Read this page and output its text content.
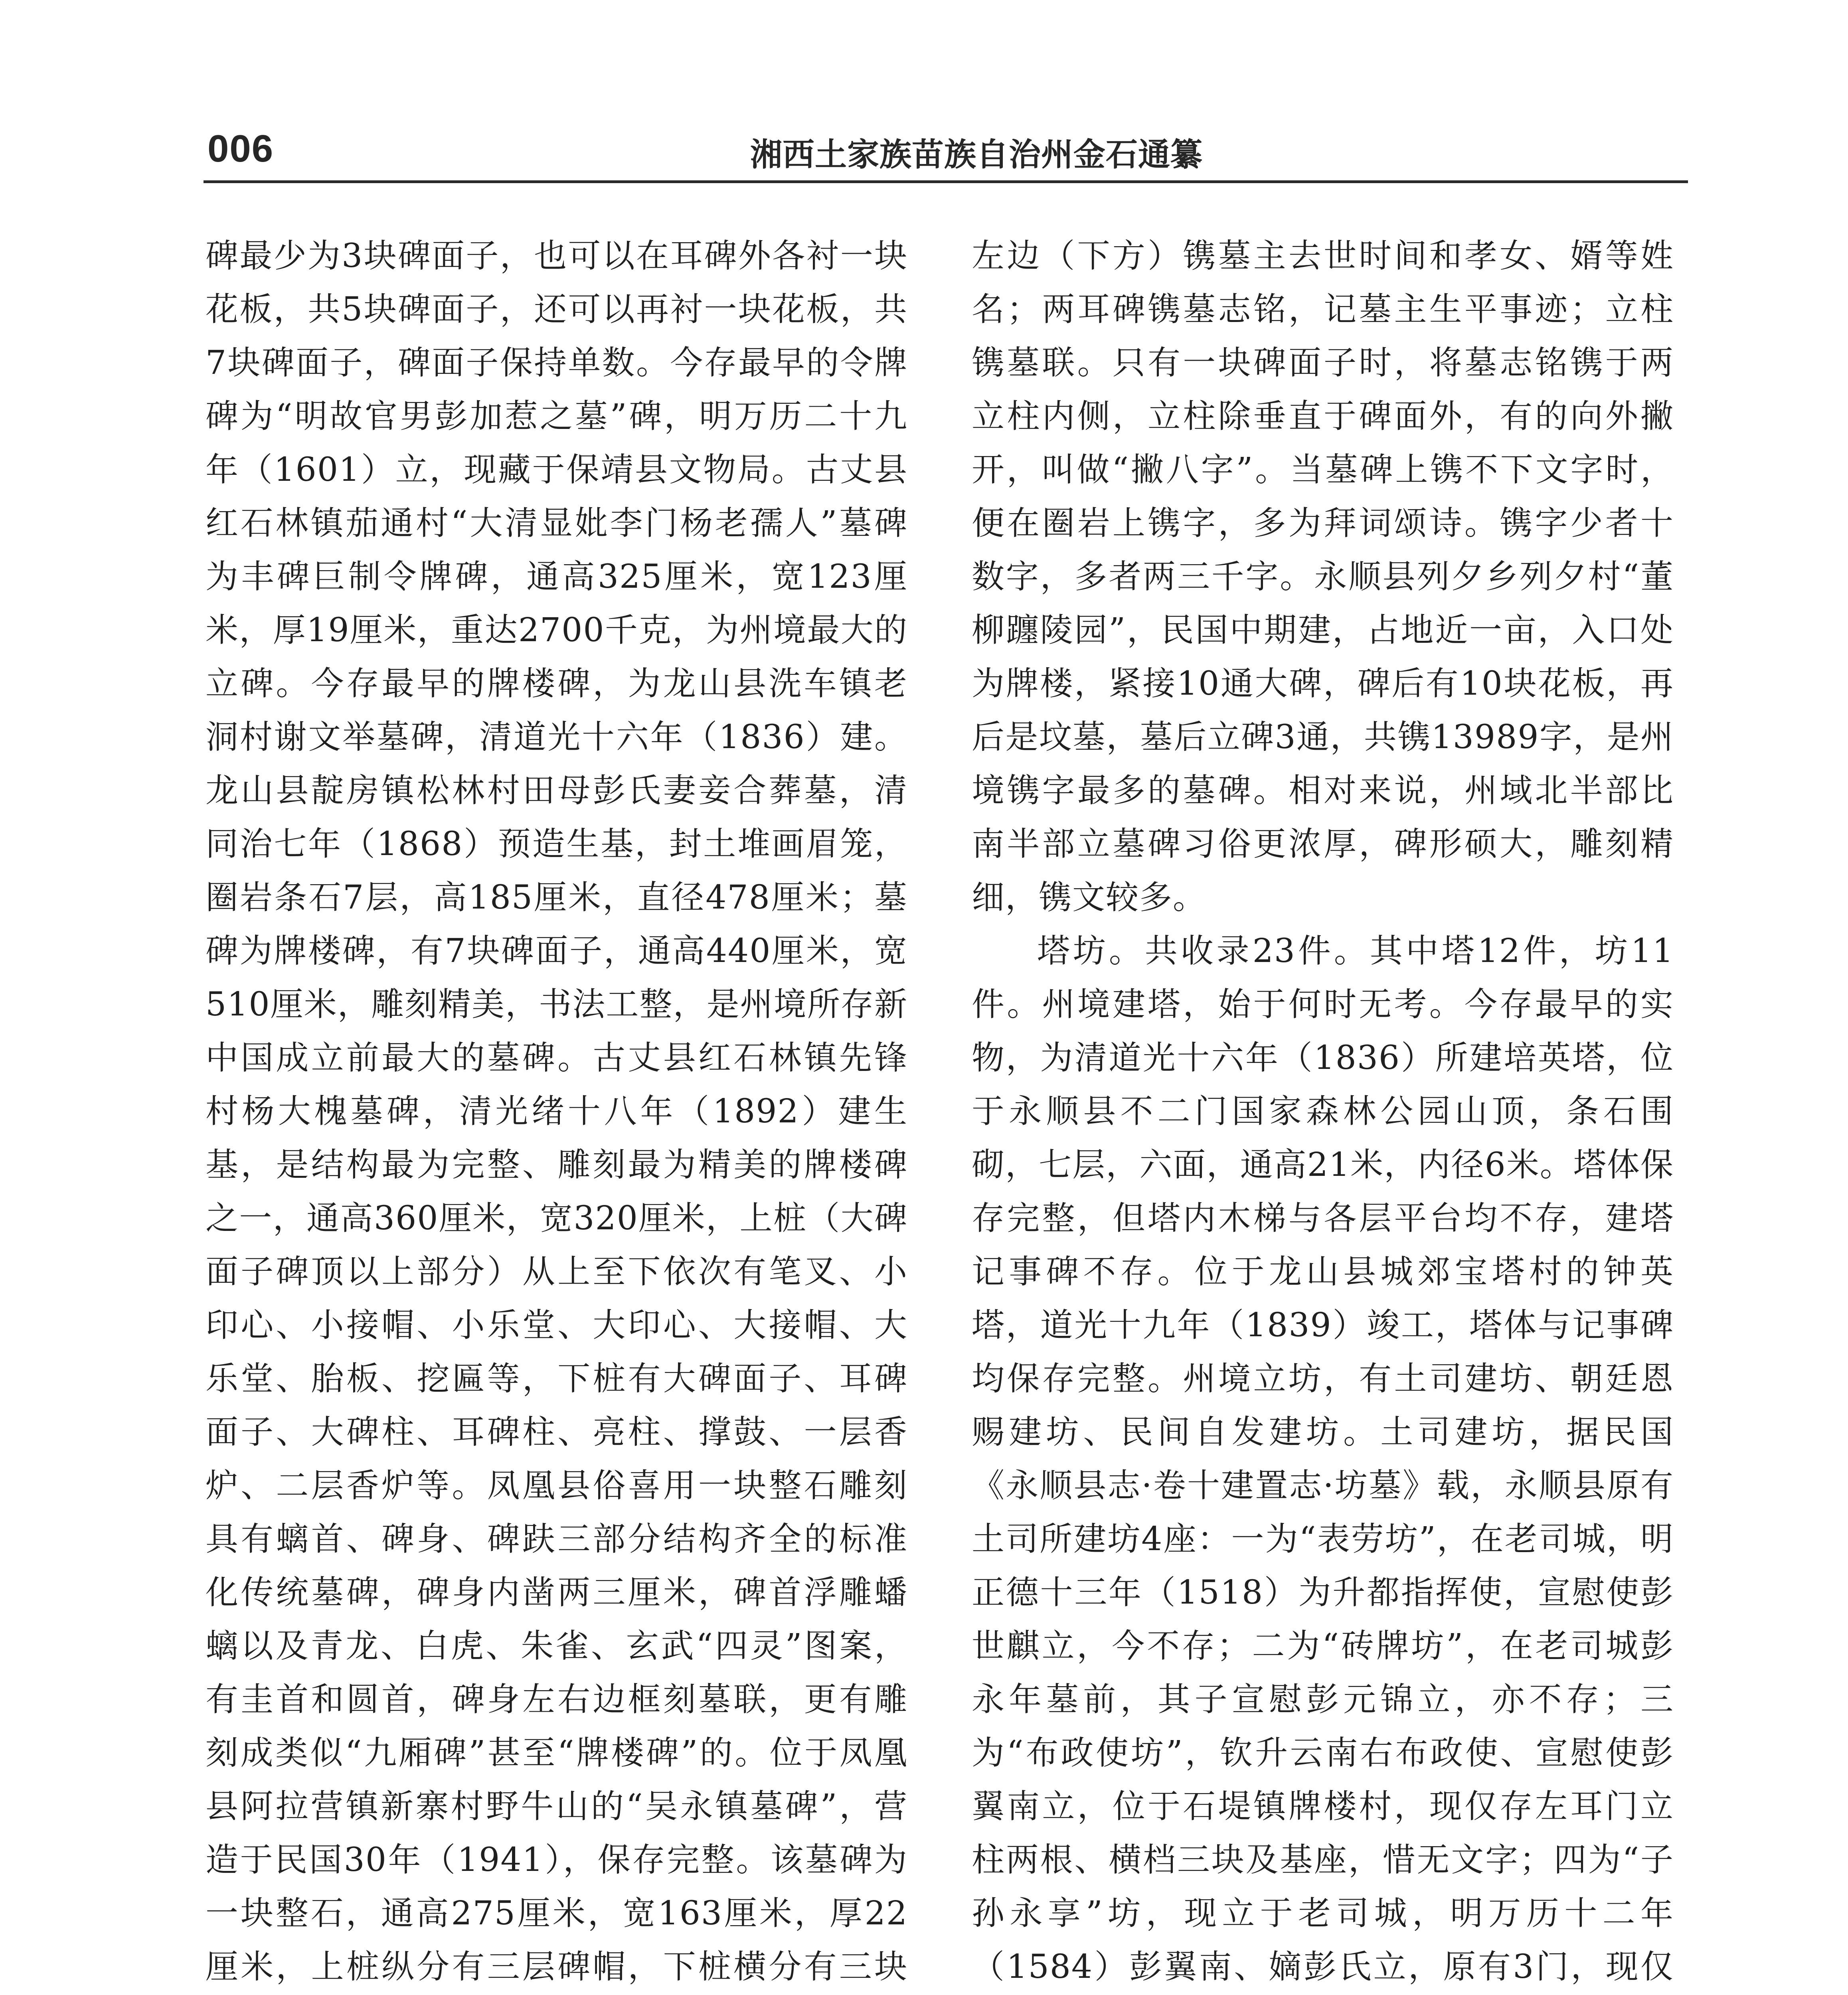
006	湘西土家族苗族自治州金石通纂

碑最少为3块碑面子，也可以在耳碑外各衬一块花板，共5块碑面子，还可以再衬一块花板，共7块碑面子，碑面子保持单数。今存最早的令牌碑为“明故官男彭加惹之墓”碑，明万历二十九年（1601）立，现藏于保靖县文物局。古丈县红石林镇茄通村“大清显妣李门杨老孺人”墓碑为丰碑巨制令牌碑，通高325厘米，宽123厘米，厚19厘米，重达2700千克，为州境最大的立碑。今存最早的牌楼碑，为龙山县洗车镇老洞村谢文举墓碑，清道光十六年（1836）建。龙山县靛房镇松林村田母彭氏妻妾合葬墓，清同治七年（1868）预造生基，封土堆画眉笼，圈岩条石7层，高185厘米，直径478厘米；墓碑为牌楼碑，有7块碑面子，通高440厘米，宽510厘米，雕刻精美，书法工整，是州境所存新中国成立前最大的墓碑。古丈县红石林镇先锋村杨大槐墓碑，清光绪十八年（1892）建生基，是结构最为完整、雕刻最为精美的牌楼碑之一，通高360厘米，宽320厘米，上桩（大碑面子碑顶以上部分）从上至下依次有笔叉、小印心、小接帽、小乐堂、大印心、大接帽、大乐堂、胎板、挖匾等，下桩有大碑面子、耳碑面子、大碑柱、耳碑柱、亮柱、撑鼓、一层香炉、二层香炉等。凤凰县俗喜用一块整石雕刻具有螭首、碑身、碑趺三部分结构齐全的标准化传统墓碑，碑身内凿两三厘米，碑首浮雕蟠螭以及青龙、白虎、朱雀、玄武“四灵”图案，有圭首和圆首，碑身左右边框刻墓联，更有雕刻成类似“九厢碑”甚至“牌楼碑”的。位于凤凰县阿拉营镇新寨村野牛山的“吴永镇墓碑”，营造于民国30年（1941），保存完整。该墓碑为一块整石，通高275厘米，宽163厘米，厚22厘米，上桩纵分有三层碑帽，下桩横分有三块

左边（下方）镌墓主去世时间和孝女、婿等姓名；两耳碑镌墓志铭，记墓主生平事迹；立柱镌墓联。只有一块碑面子时，将墓志铭镌于两立柱内侧，立柱除垂直于碑面外，有的向外撇开，叫做“撇八字”。当墓碑上镌不下文字时，便在圈岩上镌字，多为拜词颂诗。镌字少者十数字，多者两三千字。永顺县列夕乡列夕村“董柳躔陵园”，民国中期建，占地近一亩，入口处为牌楼，紧接10通大碑，碑后有10块花板，再后是坟墓，墓后立碑3通，共镌13989字，是州境镌字最多的墓碑。相对来说，州域北半部比南半部立墓碑习俗更浓厚，碑形硕大，雕刻精细，镌文较多。

塔坊。共收录23件。其中塔12件，坊11件。州境建塔，始于何时无考。今存最早的实物，为清道光十六年（1836）所建培英塔，位于永顺县不二门国家森林公园山顶，条石围砌，七层，六面，通高21米，内径6米。塔体保存完整，但塔内木梯与各层平台均不存，建塔记事碑不存。位于龙山县城郊宝塔村的钟英塔，道光十九年（1839）竣工，塔体与记事碑均保存完整。州境立坊，有土司建坊、朝廷恩赐建坊、民间自发建坊。土司建坊，据民国《永顺县志·卷十建置志·坊墓》载，永顺县原有土司所建坊4座：一为“表劳坊”，在老司城，明正德十三年（1518）为升都指挥使，宣慰使彭世麒立，今不存；二为“砖牌坊”，在老司城彭永年墓前，其子宣慰彭元锦立，亦不存；三为“布政使坊”，钦升云南右布政使、宣慰使彭翼南立，位于石堤镇牌楼村，现仅存左耳门立柱两根、横档三块及基座，惜无文字；四为“子孙永享”坊，现立于老司城，明万历十二年（1584）彭翼南、嫡彭氏立，原有3门，现仅
